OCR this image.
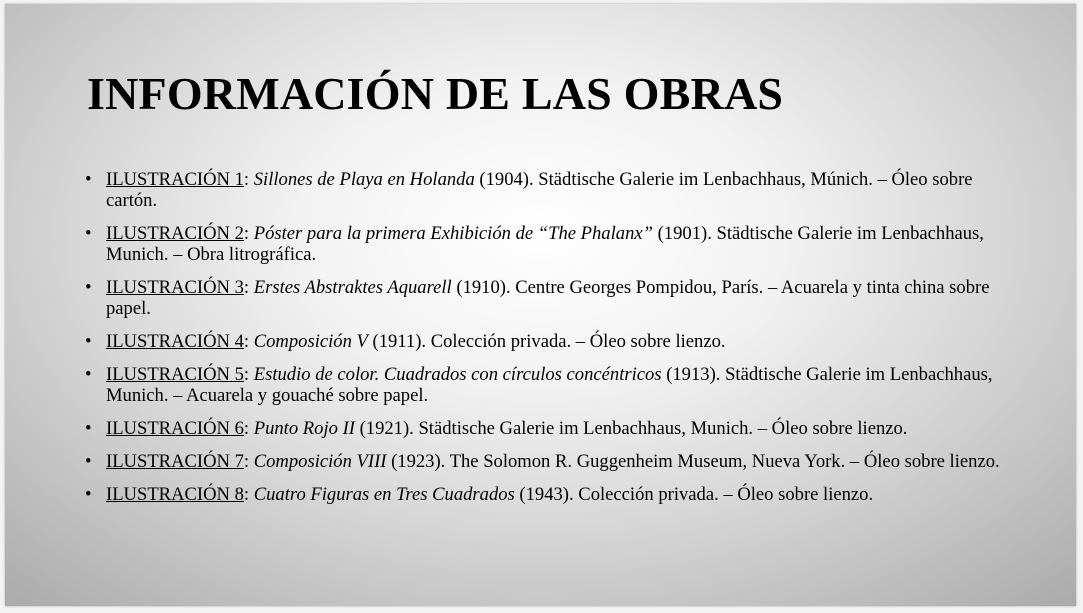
INFORMACIÓN DE LAS OBRAS
• ILUSTRACIÓN 1: Sillones de Playa en Holanda (1904). Städtische Galerie im Lenbachhaus, Múnich. – Óleo sobre cartón.
• ILUSTRACIÓN 2: Póster para la primera Exhibición de “The Phalanx” (1901). Städtische Galerie im Lenbachhaus, Munich. – Obra litrográfica.
• ILUSTRACIÓN 3: Erstes Abstraktes Aquarell (1910). Centre Georges Pompidou, París. – Acuarela y tinta china sobre papel.
• ILUSTRACIÓN 4: Composición V (1911). Colección privada. – Óleo sobre lienzo.
• ILUSTRACIÓN 5: Estudio de color. Cuadrados con círculos concéntricos (1913). Städtische Galerie im Lenbachhaus, Munich. – Acuarela y gouaché sobre papel.
• ILUSTRACIÓN 6: Punto Rojo II (1921). Städtische Galerie im Lenbachhaus, Munich. – Óleo sobre lienzo.
• ILUSTRACIÓN 7: Composición VIII (1923). The Solomon R. Guggenheim Museum, Nueva York. – Óleo sobre lienzo.
• ILUSTRACIÓN 8: Cuatro Figuras en Tres Cuadrados (1943). Colección privada. – Óleo sobre lienzo.
